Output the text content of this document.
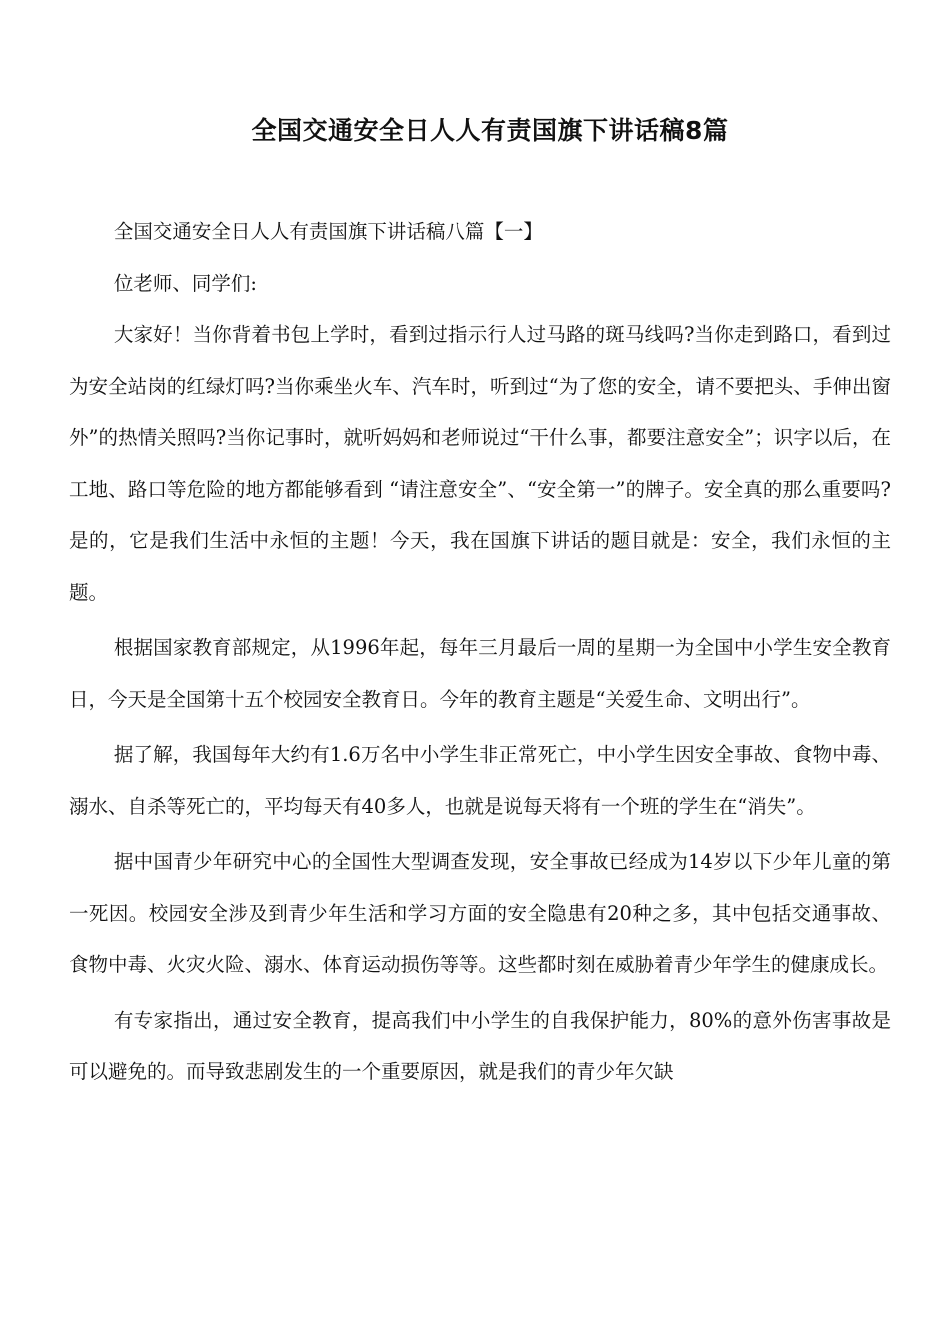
全国交通安全日人人有责国旗下讲话稿8篇

全国交通安全日人人有责国旗下讲话稿八篇【一】

位老师、同学们:

大家好！当你背着书包上学时，看到过指示行人过马路的斑马线吗?当你走到路口，看到过为安全站岗的红绿灯吗?当你乘坐火车、汽车时，听到过“为了您的安全，请不要把头、手伸出窗外”的热情关照吗?当你记事时，就听妈妈和老师说过“干什么事，都要注意安全”；识字以后，在工地、路口等危险的地方都能够看到 “请注意安全”、“安全第一”的牌子。安全真的那么重要吗?是的，它是我们生活中永恒的主题！今天，我在国旗下讲话的题目就是：安全，我们永恒的主题。

根据国家教育部规定，从1996年起，每年三月最后一周的星期一为全国中小学生安全教育日，今天是全国第十五个校园安全教育日。今年的教育主题是“关爱生命、文明出行”。

据了解，我国每年大约有1.6万名中小学生非正常死亡，中小学生因安全事故、食物中毒、溺水、自杀等死亡的，平均每天有40多人，也就是说每天将有一个班的学生在“消失”。

据中国青少年研究中心的全国性大型调查发现，安全事故已经成为14岁以下少年儿童的第一死因。校园安全涉及到青少年生活和学习方面的安全隐患有20种之多，其中包括交通事故、食物中毒、火灾火险、溺水、体育运动损伤等等。这些都时刻在威胁着青少年学生的健康成长。

有专家指出，通过安全教育，提高我们中小学生的自我保护能力，80%的意外伤害事故是可以避免的。而导致悲剧发生的一个重要原因，就是我们的青少年欠缺
